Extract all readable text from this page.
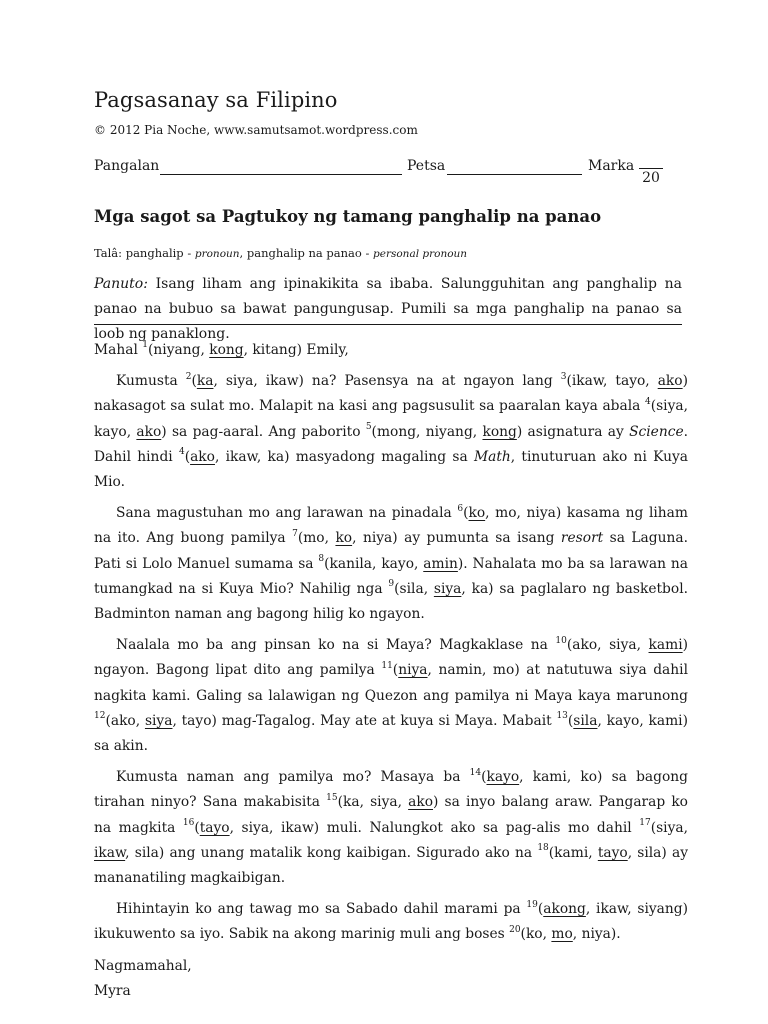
Pagsasanay sa Filipino
© 2012 Pia Noche, www.samutsamot.wordpress.com
Pangalan	Petsa	Marka
20
Mga sagot sa Pagtukoy ng tamang panghalip na panao
Talâ: panghalip - pronoun, panghalip na panao - personal pronoun
Panuto: Isang liham ang ipinakikita sa ibaba. Salungguhitan ang panghalip na panao na bubuo sa bawat pangungusap. Pumili sa mga panghalip na panao sa loob ng panaklong.

Mahal $^1$(niyang, kong, kitang) Emily,

Kumusta $^2$(ka, siya, ikaw) na? Pasensya na at ngayon lang $^3$(ikaw, tayo, ako) nakasagot sa sulat mo. Malapit na kasi ang pagsusulit sa paaralan kaya abala $^4$(siya, kayo, ako) sa pag-aaral. Ang paborito $^5$(mong, niyang, kong) asignatura ay Science. Dahil hindi $^4$(ako, ikaw, ka) masyadong magaling sa Math, tinuturuan ako ni Kuya Mio.

Sana magustuhan mo ang larawan na pinadala $^6$(ko, mo, niya) kasama ng liham na ito. Ang buong pamilya $^7$(mo, ko, niya) ay pumunta sa isang resort sa Laguna. Pati si Lolo Manuel sumama sa $^8$(kanila, kayo, amin). Nahalata mo ba sa larawan na tumangkad na si Kuya Mio? Nahilig nga $^9$(sila, siya, ka) sa paglalaro ng basketbol. Badminton naman ang bagong hilig ko ngayon.

Naalala mo ba ang pinsan ko na si Maya? Magkaklase na $^{10}$(ako, siya, kami) ngayon. Bagong lipat dito ang pamilya $^{11}$(niya, namin, mo) at natutuwa siya dahil nagkita kami. Galing sa lalawigan ng Quezon ang pamilya ni Maya kaya marunong $^{12}$(ako, siya, tayo) mag-Tagalog. May ate at kuya si Maya. Mabait $^{13}$(sila, kayo, kami) sa akin.

Kumusta naman ang pamilya mo? Masaya ba $^{14}$(kayo, kami, ko) sa bagong tirahan ninyo? Sana makabisita $^{15}$(ka, siya, ako) sa inyo balang araw. Pangarap ko na magkita $^{16}$(tayo, siya, ikaw) muli. Nalungkot ako sa pag-alis mo dahil $^{17}$(siya, ikaw, sila) ang unang matalik kong kaibigan. Sigurado ako na $^{18}$(kami, tayo, sila) ay mananatiling magkaibigan.

Hihintayin ko ang tawag mo sa Sabado dahil marami pa $^{19}$(akong, ikaw, siyang) ikukuwento sa iyo. Sabik na akong marinig muli ang boses $^{20}$(ko, mo, niya).

Nagmamahal,

Myra
